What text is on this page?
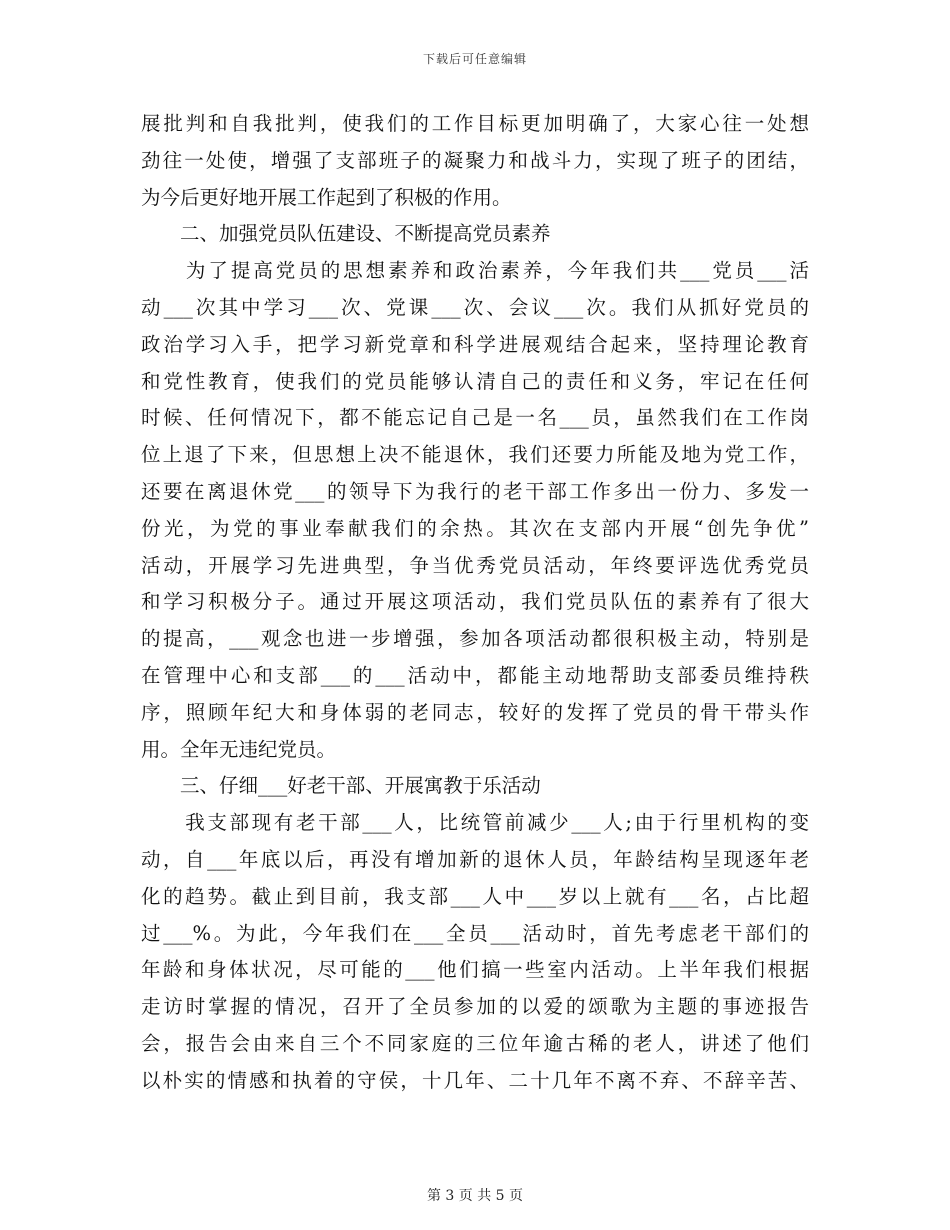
下载后可任意编辑
展批判和自我批判，使我们的工作目标更加明确了，大家心往一处想
劲往一处使，增强了支部班子的凝聚力和战斗力，实现了班子的团结，
为今后更好地开展工作起到了积极的作用。
二、加强党员队伍建设、不断提高党员素养
　　为了提高党员的思想素养和政治素养，今年我们共___党员___活
动___次其中学习___次、党课___次、会议___次。我们从抓好党员的
政治学习入手，把学习新党章和科学进展观结合起来，坚持理论教育
和党性教育，使我们的党员能够认清自己的责任和义务，牢记在任何
时候、任何情况下，都不能忘记自己是一名___员，虽然我们在工作岗
位上退了下来，但思想上决不能退休，我们还要力所能及地为党工作，
还要在离退休党___的领导下为我行的老干部工作多出一份力、多发一
份光，为党的事业奉献我们的余热。其次在支部内开展“创先争优”
活动，开展学习先进典型，争当优秀党员活动，年终要评选优秀党员
和学习积极分子。通过开展这项活动，我们党员队伍的素养有了很大
的提高，___观念也进一步增强，参加各项活动都很积极主动，特别是
在管理中心和支部___的___活动中，都能主动地帮助支部委员维持秩
序，照顾年纪大和身体弱的老同志，较好的发挥了党员的骨干带头作
用。全年无违纪党员。
三、仔细___好老干部、开展寓教于乐活动
　　我支部现有老干部___人，比统管前减少___人;由于行里机构的变
动，自___年底以后，再没有增加新的退休人员，年龄结构呈现逐年老
化的趋势。截止到目前，我支部___人中___岁以上就有___名，占比超
过___%。为此，今年我们在___全员___活动时，首先考虑老干部们的
年龄和身体状况，尽可能的___他们搞一些室内活动。上半年我们根据
走访时掌握的情况，召开了全员参加的以爱的颂歌为主题的事迹报告
会，报告会由来自三个不同家庭的三位年逾古稀的老人，讲述了他们
以朴实的情感和执着的守侯，十几年、二十几年不离不弃、不辞辛苦、
第 3 页 共 5 页
